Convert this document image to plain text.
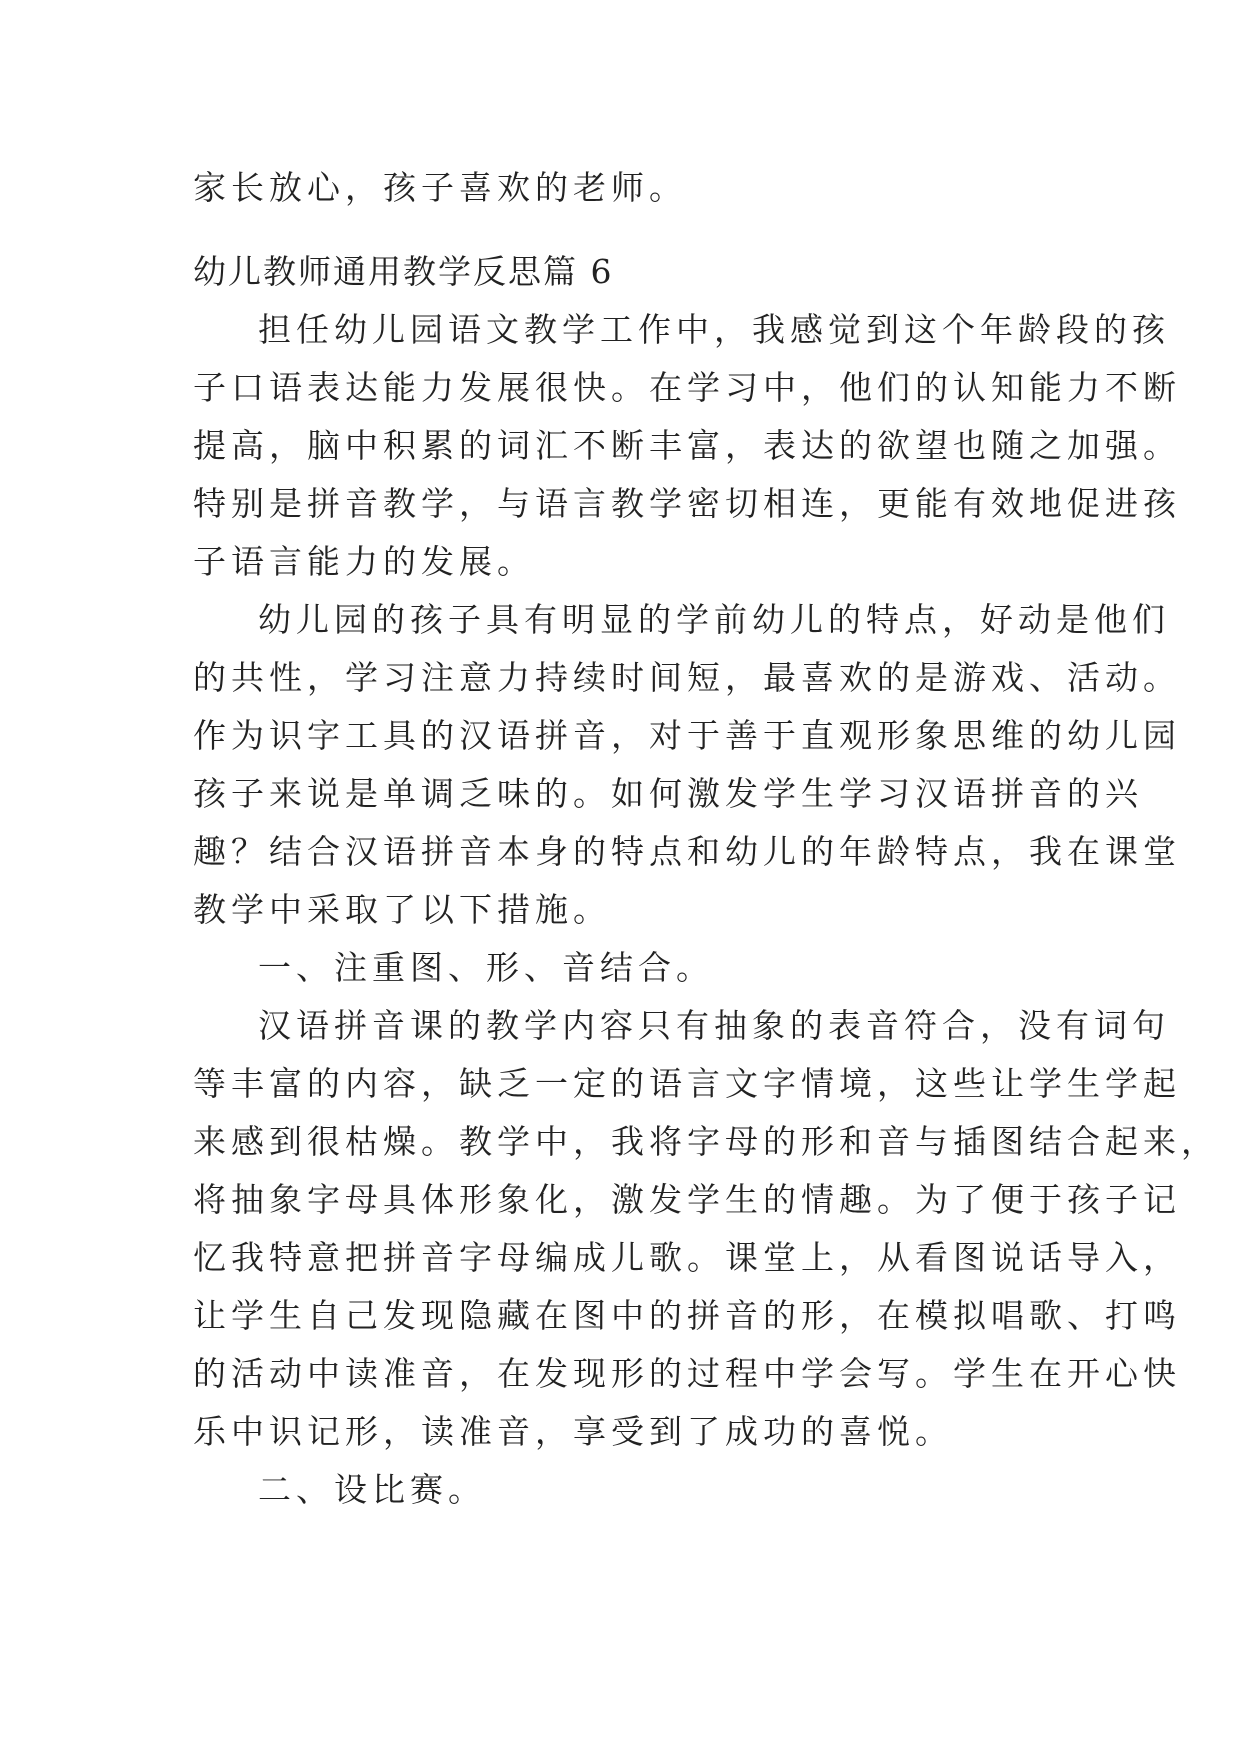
家长放心，孩子喜欢的老师。
幼儿教师通用教学反思篇 6
担任幼儿园语文教学工作中，我感觉到这个年龄段的孩
子口语表达能力发展很快。在学习中，他们的认知能力不断
提高，脑中积累的词汇不断丰富，表达的欲望也随之加强。
特别是拼音教学，与语言教学密切相连，更能有效地促进孩
子语言能力的发展。
幼儿园的孩子具有明显的学前幼儿的特点，好动是他们
的共性，学习注意力持续时间短，最喜欢的是游戏、活动。
作为识字工具的汉语拼音，对于善于直观形象思维的幼儿园
孩子来说是单调乏味的。如何激发学生学习汉语拼音的兴
趣？结合汉语拼音本身的特点和幼儿的年龄特点，我在课堂
教学中采取了以下措施。
一、注重图、形、音结合。
汉语拼音课的教学内容只有抽象的表音符合，没有词句
等丰富的内容，缺乏一定的语言文字情境，这些让学生学起
来感到很枯燥。教学中，我将字母的形和音与插图结合起来，
将抽象字母具体形象化，激发学生的情趣。为了便于孩子记
忆我特意把拼音字母编成儿歌。课堂上，从看图说话导入，
让学生自己发现隐藏在图中的拼音的形，在模拟唱歌、打鸣
的活动中读准音，在发现形的过程中学会写。学生在开心快
乐中识记形，读准音，享受到了成功的喜悦。
二、设比赛。
